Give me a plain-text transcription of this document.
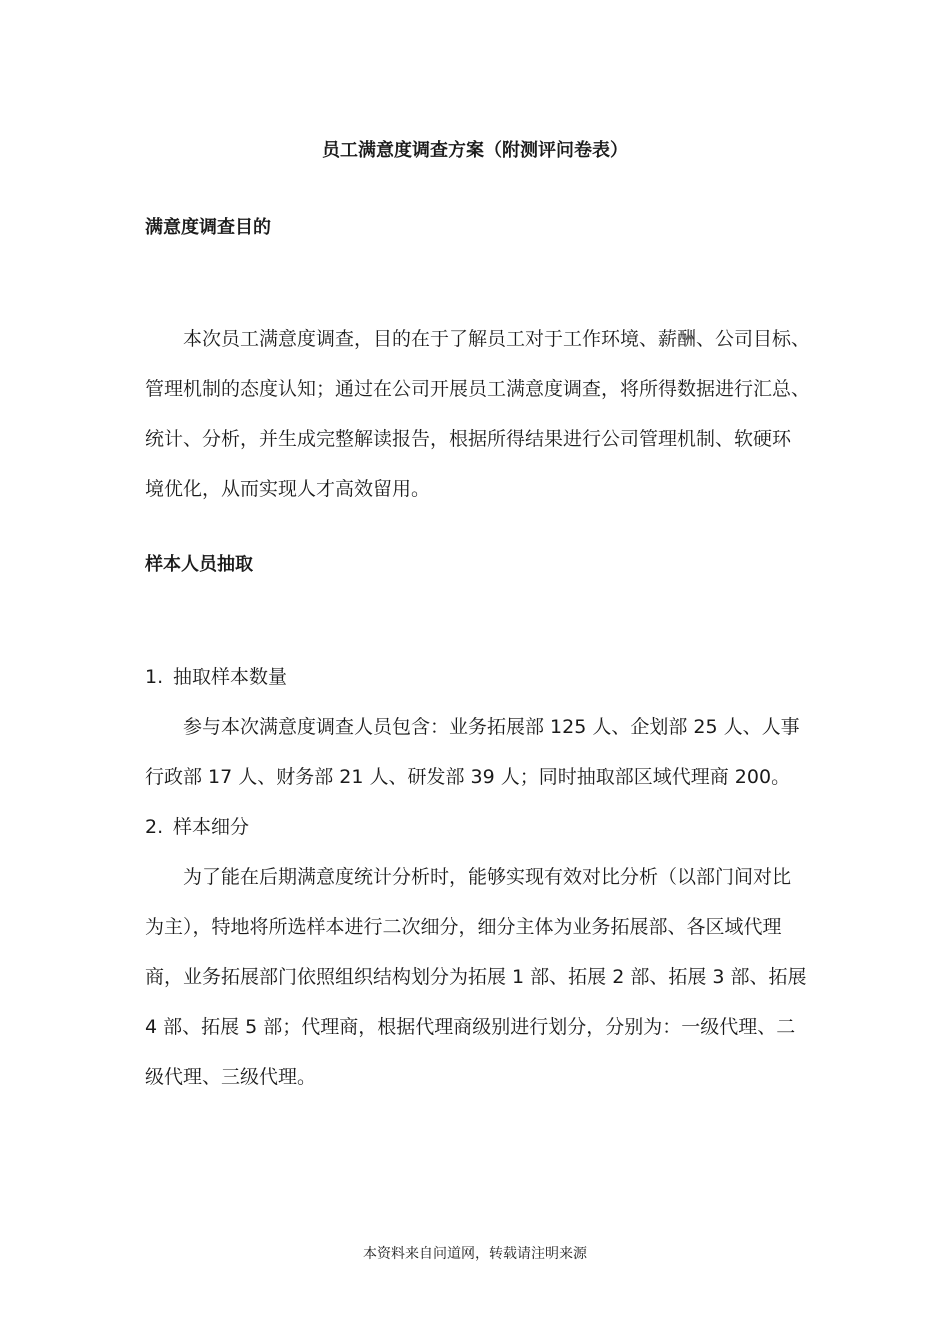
员工满意度调查方案（附测评问卷表）
满意度调查目的
本次员工满意度调查，目的在于了解员工对于工作环境、薪酬、公司目标、
管理机制的态度认知；通过在公司开展员工满意度调查，将所得数据进行汇总、
统计、分析，并生成完整解读报告，根据所得结果进行公司管理机制、软硬环
境优化，从而实现人才高效留用。
样本人员抽取
1. 抽取样本数量
参与本次满意度调查人员包含：业务拓展部 125 人、企划部 25 人、人事
行政部 17 人、财务部 21 人、研发部 39 人；同时抽取部区域代理商 200。
2. 样本细分
为了能在后期满意度统计分析时，能够实现有效对比分析（以部门间对比
为主），特地将所选样本进行二次细分，细分主体为业务拓展部、各区域代理
商，业务拓展部门依照组织结构划分为拓展 1 部、拓展 2 部、拓展 3 部、拓展
4 部、拓展 5 部；代理商，根据代理商级别进行划分，分别为：一级代理、二
级代理、三级代理。
本资料来自问道网，转载请注明来源
